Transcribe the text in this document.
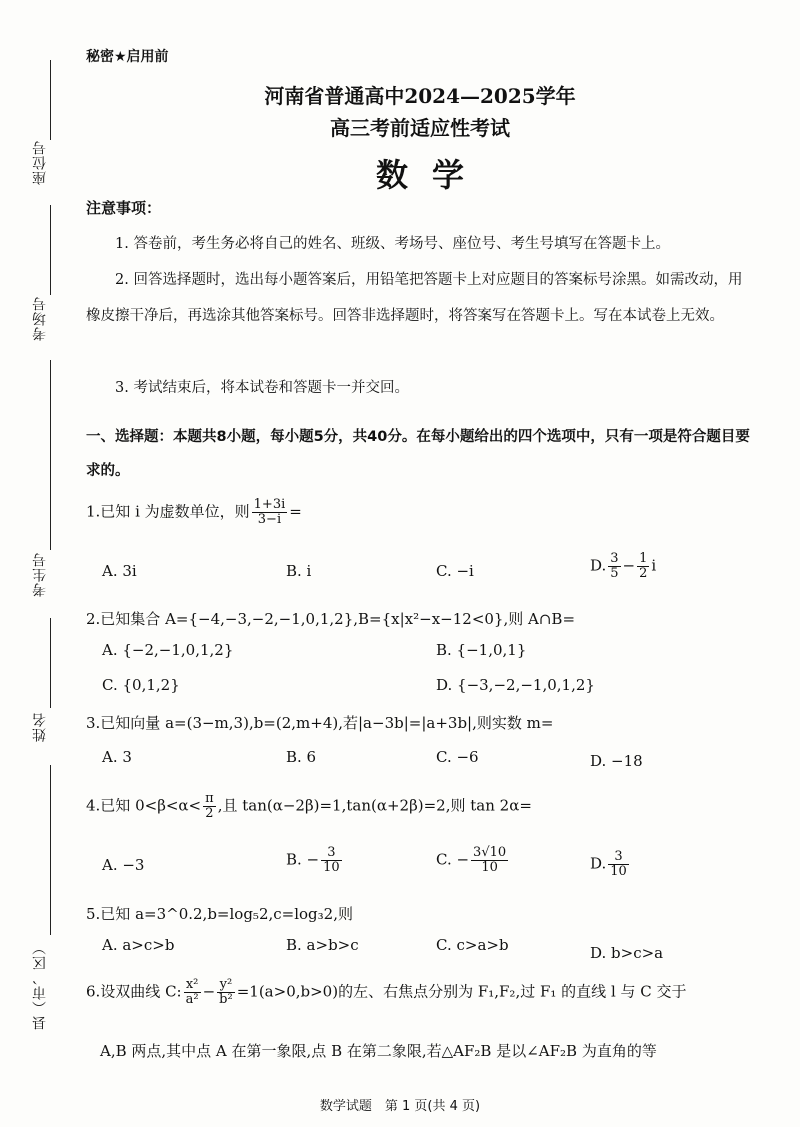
座位号
考场号
考生号
姓名
县（市、区）
秘密★启用前
河南省普通高中2024—2025学年
高三考前适应性考试
数学
注意事项：
1. 答卷前，考生务必将自己的姓名、班级、考场号、座位号、考生号填写在答题卡上。
2. 回答选择题时，选出每小题答案后，用铅笔把答题卡上对应题目的答案标号涂黑。如需改动，用橡皮擦干净后，再选涂其他答案标号。回答非选择题时，将答案写在答题卡上。写在本试卷上无效。
3. 考试结束后，将本试卷和答题卡一并交回。
一、选择题：本题共8小题，每小题5分，共40分。在每小题给出的四个选项中，只有一项是符合题目要求的。
1.已知 i 为虚数单位，则 $\frac{1+3i}{3-i}$ =
A. 3i	B. i	C. −i	D. $\frac{3}{5} - \frac{1}{2}$ i
2.已知集合 A={−4,−3,−2,−1,0,1,2},B={x|x²−x−12<0},则 A∩B=
A. {−2,−1,0,1,2}	B. {−1,0,1}
C. {0,1,2}	D. {−3,−2,−1,0,1,2}
3.已知向量 a=(3−m,3),b=(2,m+4),若|a−3b|=|a+3b|,则实数 m=
A. 3	B. 6	C. −6	D. −18
4.已知 $0<\beta<\alpha< \frac{\pi}{2}$ ,且 tan(α−2β)=1,tan(α+2β)=2,则 tan 2α=
A. −3	B. − $\frac{3}{10}$	C. − $\frac{3√10}{10}$	D. $\frac{3}{10}$
5.已知 a=3^0.2,b=log₅2,c=log₃2,则
A. a>c>b	B. a>b>c	C. c>a>b	D. b>c>a
6.设双曲线 C: $\frac{\text{x²}}{\text{a²}} - \frac{\text{y²}}{\text{b²}} =1(a>0,b>0)$的左、右焦点分别为 F₁,F₂,过 F₁ 的直线 l 与 C 交于
A,B 两点,其中点 A 在第一象限,点 B 在第二象限,若△AF₂B 是以∠AF₂B 为直角的等
数学试题　第 1 页(共 4 页)
